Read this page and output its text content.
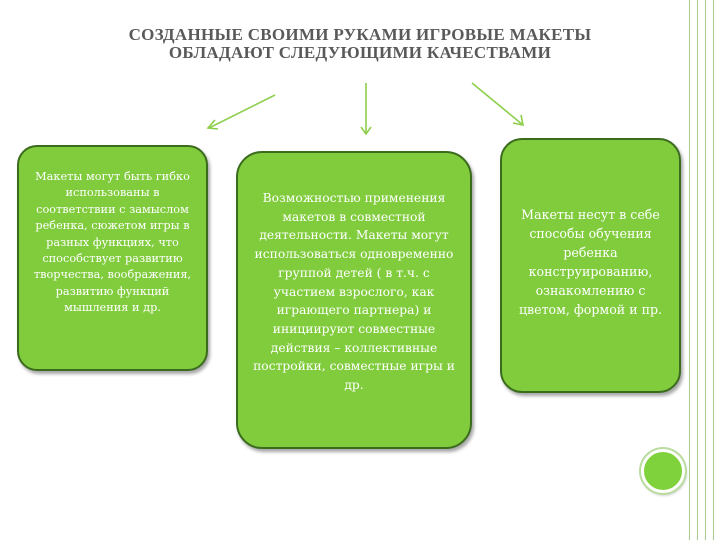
СОЗДАННЫЕ СВОИМИ РУКАМИ ИГРОВЫЕ МАКЕТЫ
ОБЛАДАЮТ СЛЕДУЮЩИМИ КАЧЕСТВАМИ

Макеты могут быть гибко использованы в соответствии с замыслом ребенка, сюжетом игры в разных функциях, что способствует развитию творчества, воображения, развитию функций мышления и др.

Возможностью применения макетов в совместной деятельности. Макеты могут использоваться одновременно группой детей ( в т.ч. с участием взрослого, как играющего партнера) и инициируют совместные действия – коллективные постройки, совместные игры и др.

Макеты несут в себе способы обучения ребенка конструированию, ознакомлению с цветом, формой и пр.
